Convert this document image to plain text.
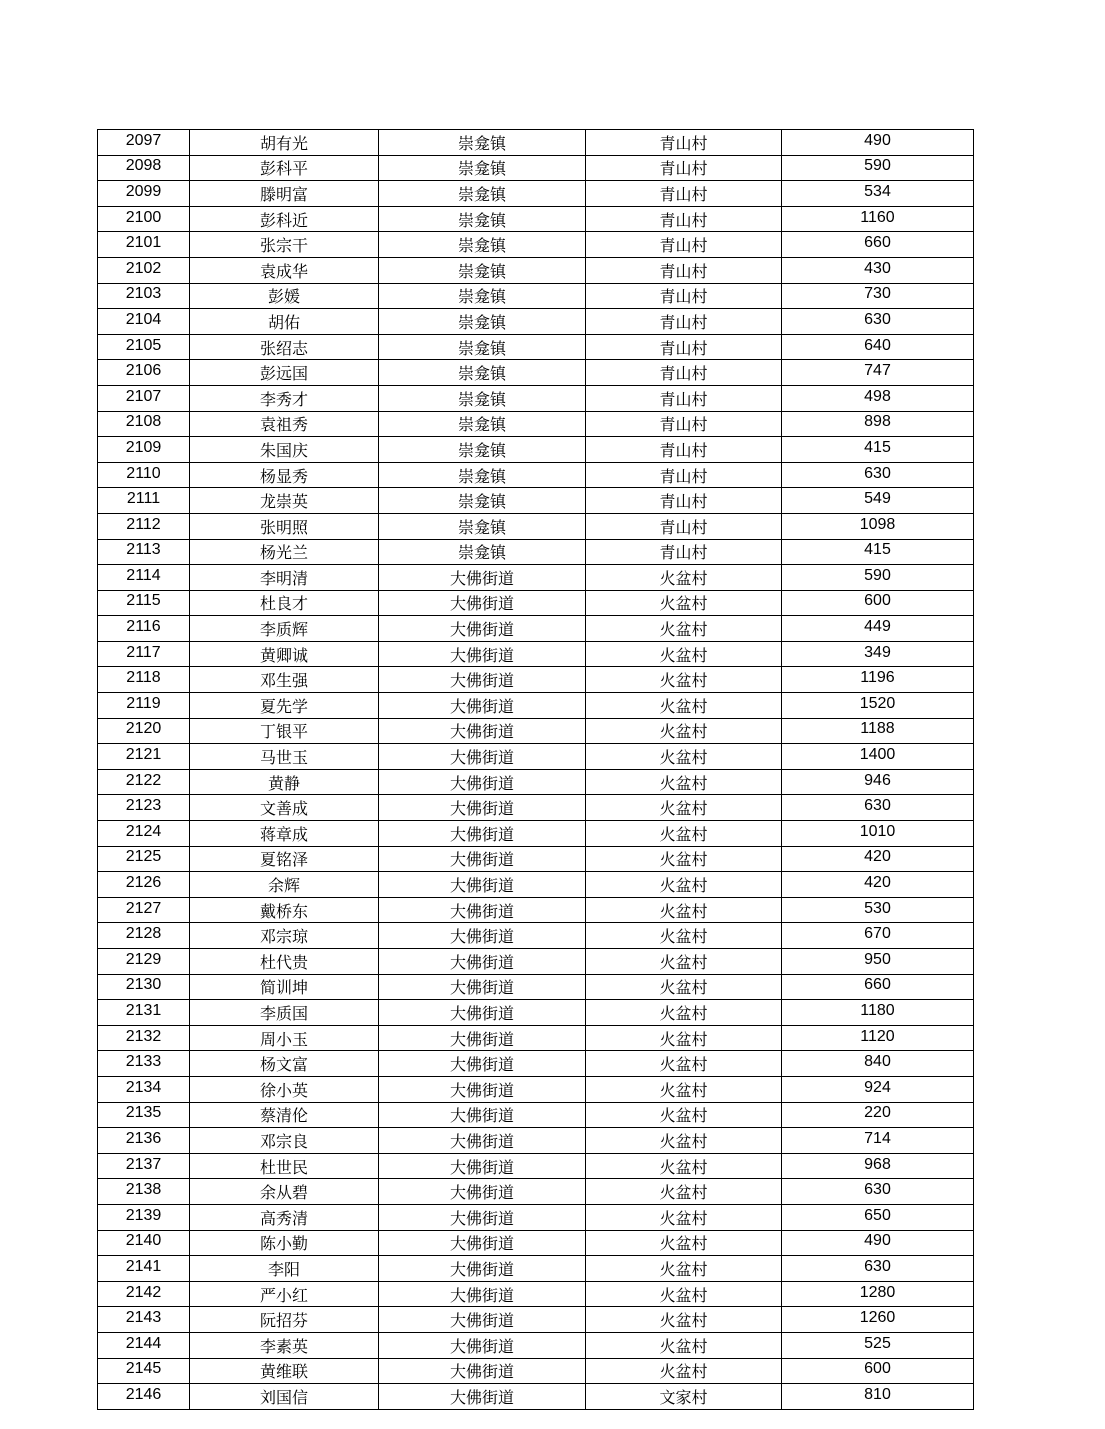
2097	胡有光	崇龛镇	青山村	490
2098	彭科平	崇龛镇	青山村	590
2099	滕明富	崇龛镇	青山村	534
2100	彭科近	崇龛镇	青山村	1160
2101	张宗干	崇龛镇	青山村	660
2102	袁成华	崇龛镇	青山村	430
2103	彭媛	崇龛镇	青山村	730
2104	胡佑	崇龛镇	青山村	630
2105	张绍志	崇龛镇	青山村	640
2106	彭远国	崇龛镇	青山村	747
2107	李秀才	崇龛镇	青山村	498
2108	袁祖秀	崇龛镇	青山村	898
2109	朱国庆	崇龛镇	青山村	415
2110	杨显秀	崇龛镇	青山村	630
2111	龙崇英	崇龛镇	青山村	549
2112	张明照	崇龛镇	青山村	1098
2113	杨光兰	崇龛镇	青山村	415
2114	李明清	大佛街道	火盆村	590
2115	杜良才	大佛街道	火盆村	600
2116	李质辉	大佛街道	火盆村	449
2117	黄卿诚	大佛街道	火盆村	349
2118	邓生强	大佛街道	火盆村	1196
2119	夏先学	大佛街道	火盆村	1520
2120	丁银平	大佛街道	火盆村	1188
2121	马世玉	大佛街道	火盆村	1400
2122	黄静	大佛街道	火盆村	946
2123	文善成	大佛街道	火盆村	630
2124	蒋章成	大佛街道	火盆村	1010
2125	夏铭泽	大佛街道	火盆村	420
2126	余辉	大佛街道	火盆村	420
2127	戴桥东	大佛街道	火盆村	530
2128	邓宗琼	大佛街道	火盆村	670
2129	杜代贵	大佛街道	火盆村	950
2130	简训坤	大佛街道	火盆村	660
2131	李质国	大佛街道	火盆村	1180
2132	周小玉	大佛街道	火盆村	1120
2133	杨文富	大佛街道	火盆村	840
2134	徐小英	大佛街道	火盆村	924
2135	蔡清伦	大佛街道	火盆村	220
2136	邓宗良	大佛街道	火盆村	714
2137	杜世民	大佛街道	火盆村	968
2138	余从碧	大佛街道	火盆村	630
2139	高秀清	大佛街道	火盆村	650
2140	陈小勤	大佛街道	火盆村	490
2141	李阳	大佛街道	火盆村	630
2142	严小红	大佛街道	火盆村	1280
2143	阮招芬	大佛街道	火盆村	1260
2144	李素英	大佛街道	火盆村	525
2145	黄维联	大佛街道	火盆村	600
2146	刘国信	大佛街道	文家村	810
